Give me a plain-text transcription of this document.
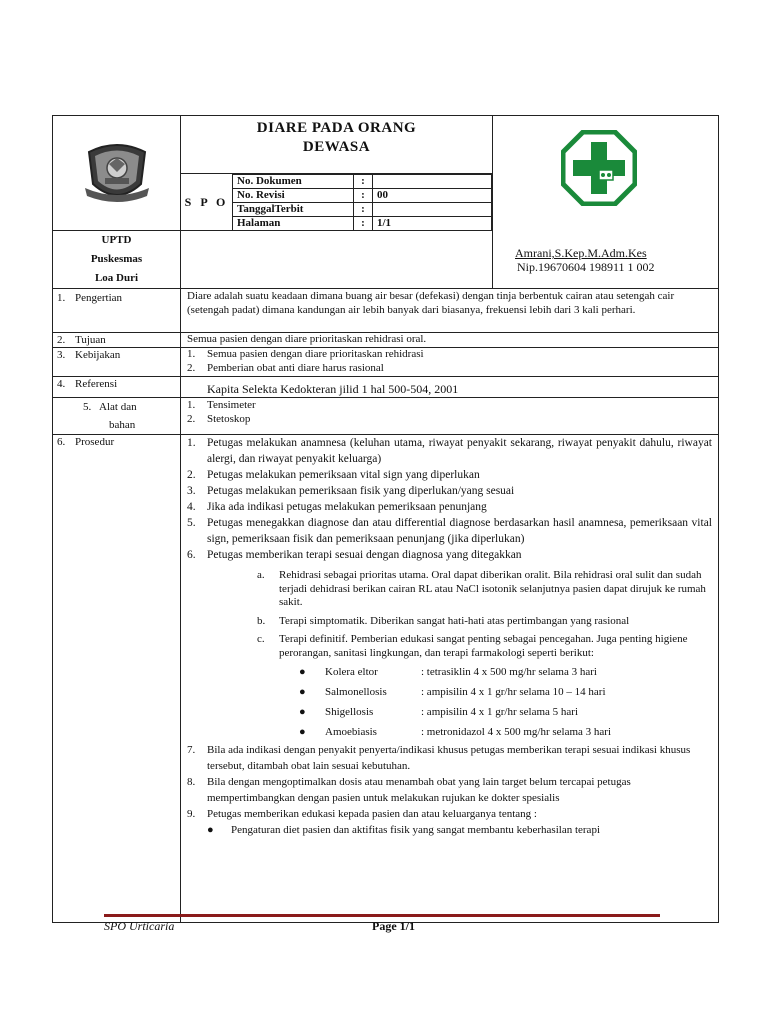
DIARE PADA ORANG DEWASA
S P O
No. Dokumen	:	
No. Revisi	:	00
TanggalTerbit	:	
Halaman	:	1/1

Amrani,S.Kep.M.Adm.Kes
Nip.19670604 198911 1 002

UPTD
Puskesmas
Loa Duri

1. Pengertian	Diare adalah suatu keadaan dimana buang air besar (defekasi) dengan tinja berbentuk cairan atau setengah cair (setengah padat) dimana kandungan air lebih banyak dari biasanya, frekuensi lebih dari 3 kali perhari.

2. Tujuan	Semua pasien dengan diare prioritaskan rehidrasi oral.

3. Kebijakan	1.	Semua pasien dengan diare prioritaskan rehidrasi
2.	Pemberian obat anti diare harus rasional

4. Referensi	Kapita Selekta Kedokteran jilid 1 hal 500-504, 2001

5. Alat dan
bahan

1.	Tensimeter
2.	Stetoskop

6. Prosedur	1. Petugas melakukan anamnesa (keluhan utama, riwayat penyakit sekarang, riwayat penyakit dahulu, riwayat alergi, dan riwayat penyakit keluarga)
2. Petugas melakukan pemeriksaan vital sign yang diperlukan
3. Petugas melakukan pemeriksaan fisik yang diperlukan/yang sesuai
4. Jika ada indikasi petugas melakukan pemeriksaan penunjang
5. Petugas menegakkan diagnose dan atau differential diagnose berdasarkan hasil anamnesa, pemeriksaan vital sign, pemeriksaan fisik dan pemeriksaan penunjang (jika diperlukan)
6. Petugas memberikan terapi sesuai dengan diagnosa yang ditegakkan
a.	Rehidrasi sebagai prioritas utama. Oral dapat diberikan oralit. Bila rehidrasi oral sulit dan sudah terjadi dehidrasi berikan cairan RL atau NaCl isotonik selanjutnya pasien dapat dirujuk ke rumah sakit.
b.	Terapi simptomatik. Diberikan sangat hati-hati atas pertimbangan yang rasional
c.	Terapi definitif. Pemberian edukasi sangat penting sebagai pencegahan. Juga penting higiene perorangan, sanitasi lingkungan, dan terapi farmakologi seperti berikut:
●	Kolera eltor	: tetrasiklin 4 x 500 mg/hr selama 3 hari
●	Salmonellosis	: ampisilin 4 x 1 gr/hr selama 10 – 14 hari
●	Shigellosis	: ampisilin 4 x 1 gr/hr selama 5 hari
●	Amoebiasis	: metronidazol 4 x 500 mg/hr selama 3 hari
7.	Bila ada indikasi dengan penyakit penyerta/indikasi khusus petugas memberikan terapi sesuai indikasi khusus tersebut, ditambah obat lain sesuai kebutuhan.
8.	Bila dengan mengoptimalkan dosis atau menambah obat yang lain target belum tercapai petugas mempertimbangkan dengan pasien untuk melakukan rujukan ke dokter spesialis
9.	Petugas memberikan edukasi kepada pasien dan atau keluarganya tentang :
●	Pengaturan diet pasien dan aktifitas fisik yang sangat membantu keberhasilan terapi
SPO Urticaria	Page 1/1
